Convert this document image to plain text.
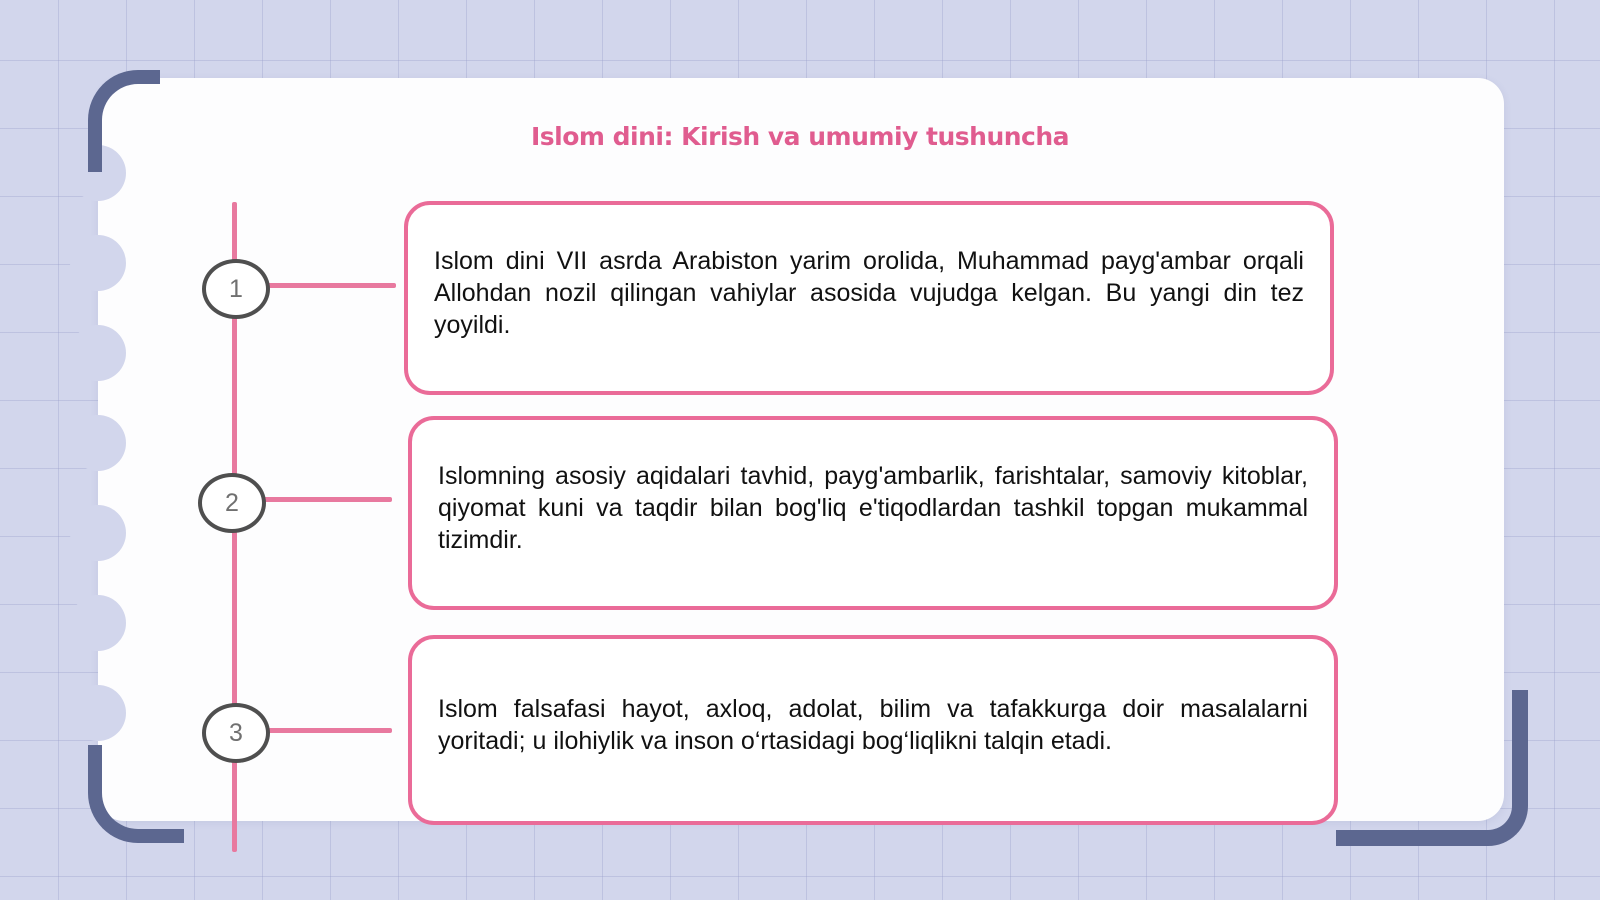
Islom dini: Kirish va umumiy tushuncha
1
2
3

Islom dini VII asrda Arabiston yarim orolida, Muhammad payg'ambar orqali Allohdan nozil qilingan vahiylar asosida vujudga kelgan. Bu yangi din tez yoyildi.

Islomning asosiy aqidalari tavhid, payg'ambarlik, farishtalar, samoviy kitoblar, qiyomat kuni va taqdir bilan bog'liq e'tiqodlardan tashkil topgan mukammal tizimdir.

Islom falsafasi hayot, axloq, adolat, bilim va tafakkurga doir masalalarni yoritadi; u ilohiylik va inson o‘rtasidagi bog‘liqlikni talqin etadi.
